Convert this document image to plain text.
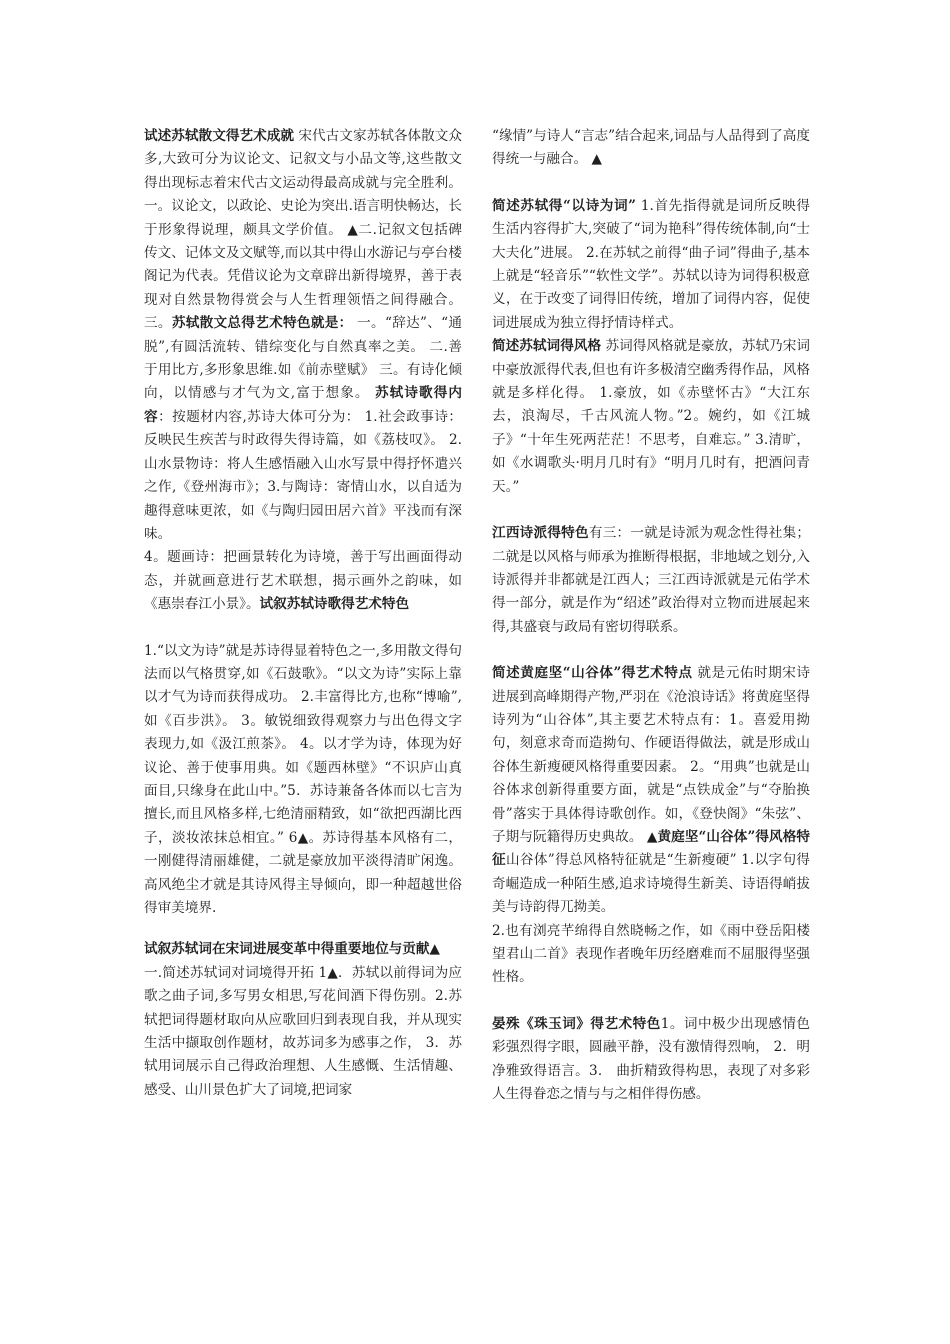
试述苏轼散文得艺术成就 宋代古文家苏轼各体散文众多,大致可分为议论文、记叙文与小品文等,这些散文得出现标志着宋代古文运动得最高成就与完全胜利。 一。议论文，以政论、史论为突出.语言明快畅达，长于形象得说理，颇具文学价值。 ▲二.记叙文包括碑传文、记体文及文赋等,而以其中得山水游记与亭台楼阁记为代表。凭借议论为文章辟出新得境界，善于表现对自然景物得赏会与人生哲理领悟之间得融合。三。苏轼散文总得艺术特色就是： 一。“辞达”、“通脱”,有圆活流转、错综变化与自然真率之美。 二.善于用比方,多形象思维.如《前赤壁赋》 三。有诗化倾向，以情感与才气为文,富于想象。 苏轼诗歌得内容：按题材内容,苏诗大体可分为： 1.社会政事诗：反映民生疾苦与时政得失得诗篇，如《荔枝叹》。 2.山水景物诗：将人生感悟融入山水写景中得抒怀遣兴之作,《登州海市》；3.与陶诗：寄情山水，以自适为趣得意味更浓，如《与陶归园田居六首》平浅而有深味。

4。题画诗：把画景转化为诗境，善于写出画面得动态，并就画意进行艺术联想，揭示画外之韵味，如《惠崇春江小景》。试叙苏轼诗歌得艺术特色

1.“以文为诗”就是苏诗得显着特色之一,多用散文得句法而以气格贯穿,如《石鼓歌》。“以文为诗”实际上靠以才气为诗而获得成功。 2.丰富得比方,也称“博喻”,如《百步洪》。 3。敏锐细致得观察力与出色得文字表现力,如《汲江煎茶》。 4。以才学为诗，体现为好议论、善于使事用典。如《题西林壁》“不识庐山真面目,只缘身在此山中。”5．苏诗兼备各体而以七言为擅长,而且风格多样,七绝清丽精致，如“欲把西湖比西子，淡妆浓抹总相宜。” 6▲。苏诗得基本风格有二，一刚健得清丽雄健，二就是豪放加平淡得清旷闲逸。高风绝尘才就是其诗风得主导倾向，即一种超越世俗得审美境界.

试叙苏轼词在宋词进展变革中得重要地位与贡献▲
一.简述苏轼词对词境得开拓 1▲．苏轼以前得词为应歌之曲子词,多写男女相思,写花间酒下得伤别。2.苏轼把词得题材取向从应歌回归到表现自我，并从现实生活中撷取创作题材，故苏词多为感事之作， 3．苏轼用词展示自己得政治理想、人生感慨、生活情趣、感受、山川景色扩大了词境,把词家

“缘情”与诗人“言志”结合起来,词品与人品得到了高度得统一与融合。 ▲

简述苏轼得“以诗为词” 1.首先指得就是词所反映得生活内容得扩大,突破了“词为艳科”得传统体制,向“士大夫化”进展。 2.在苏轼之前得“曲子词”得曲子,基本上就是“轻音乐”“软性文学”。苏轼以诗为词得积极意义，在于改变了词得旧传统，增加了词得内容，促使词进展成为独立得抒情诗样式。

简述苏轼词得风格 苏词得风格就是豪放，苏轼乃宋词中豪放派得代表,但也有许多极清空幽秀得作品，风格就是多样化得。 1.豪放，如《赤壁怀古》“大江东去，浪淘尽，千古风流人物。”2。婉约，如《江城子》“十年生死两茫茫！不思考，自难忘。” 3.清旷，如《水调歌头·明月几时有》“明月几时有，把酒问青天。”

江西诗派得特色有三：一就是诗派为观念性得社集；二就是以风格与师承为推断得根据，非地域之划分,入诗派得并非都就是江西人；三江西诗派就是元佑学术得一部分，就是作为“绍述”政治得对立物而进展起来得,其盛衰与政局有密切得联系。

简述黄庭坚“山谷体”得艺术特点 就是元佑时期宋诗进展到高峰期得产物,严羽在《沧浪诗话》将黄庭坚得诗列为“山谷体”,其主要艺术特点有：1。喜爱用拗句，刻意求奇而造拗句、作硬语得做法，就是形成山谷体生新瘦硬风格得重要因素。 2。“用典”也就是山谷体求创新得重要方面，就是“点铁成金”与“夺胎换骨”落实于具体得诗歌创作。如，《登快阁》“朱弦”、子期与阮籍得历史典故。 ▲黄庭坚“山谷体”得风格特征山谷体”得总风格特征就是“生新瘦硬” 1.以字句得奇崛造成一种陌生感,追求诗境得生新美、诗语得峭拔美与诗韵得兀拗美。

2.也有浏亮芊绵得自然晓畅之作，如《雨中登岳阳楼望君山二首》表现作者晚年历经磨难而不屈服得坚强性格。

晏殊《珠玉词》得艺术特色1。词中极少出现感情色彩强烈得字眼，圆融平静，没有激情得烈响， 2．明净雅致得语言。3． 曲折精致得构思，表现了对多彩人生得眷恋之情与与之相伴得伤感。
